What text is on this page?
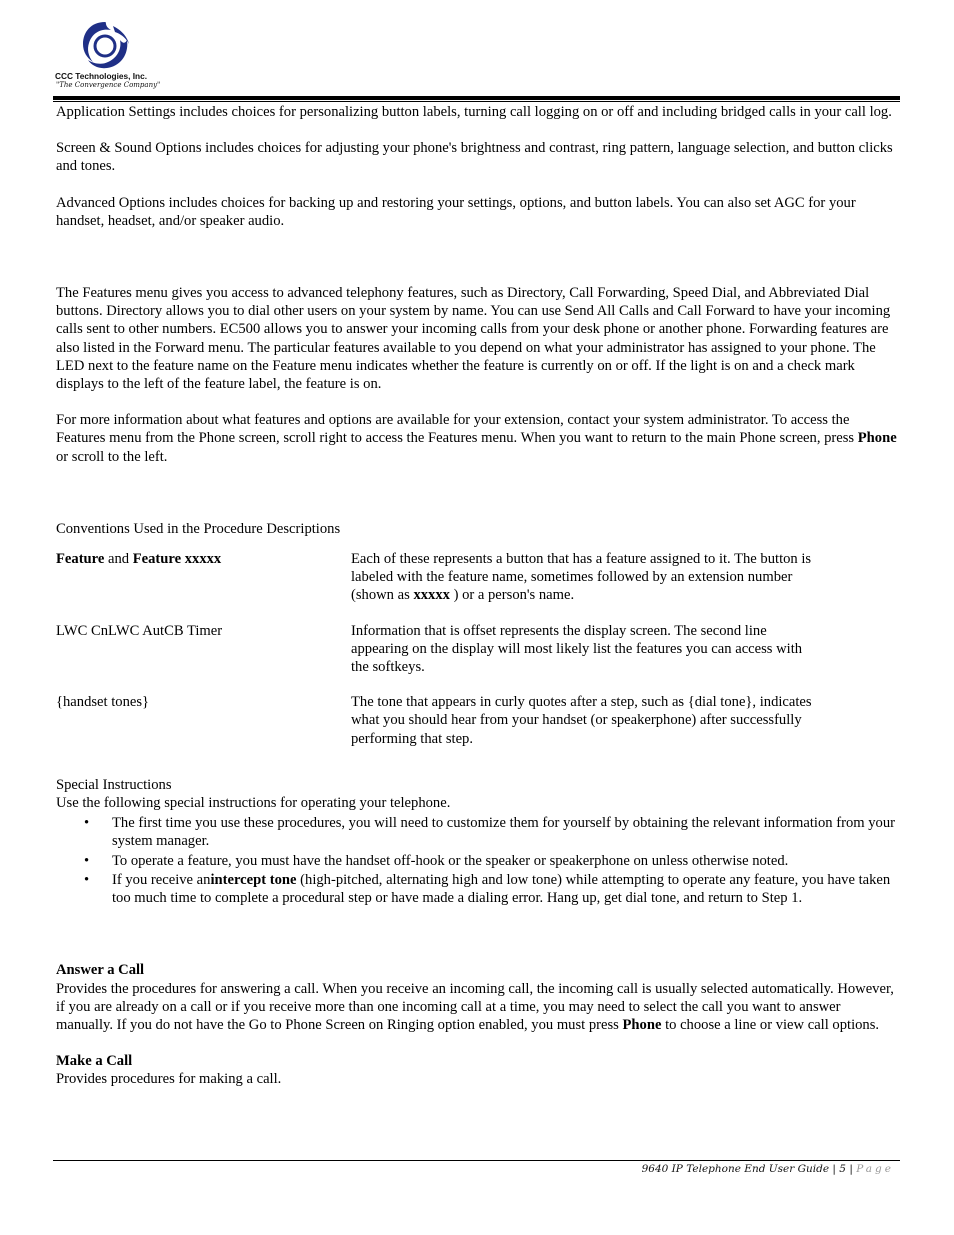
CCC Technologies, Inc.
"The Convergence Company"

Application Settings includes choices for personalizing button labels, turning call logging on or off and including bridged calls in your call log.

Screen & Sound Options includes choices for adjusting your phone's brightness and contrast, ring pattern, language selection, and button clicks and tones.

Advanced Options includes choices for backing up and restoring your settings, options, and button labels. You can also set AGC for your handset, headset, and/or speaker audio.

The Features menu gives you access to advanced telephony features, such as Directory, Call Forwarding, Speed Dial, and Abbreviated Dial buttons. Directory allows you to dial other users on your system by name. You can use Send All Calls and Call Forward to have your incoming calls sent to other numbers. EC500 allows you to answer your incoming calls from your desk phone or another phone. Forwarding features are also listed in the Forward menu. The particular features available to you depend on what your administrator has assigned to your phone. The LED next to the feature name on the Feature menu indicates whether the feature is currently on or off. If the light is on and a check mark displays to the left of the feature label, the feature is on.

For more information about what features and options are available for your extension, contact your system administrator. To access the Features menu from the Phone screen, scroll right to access the Features menu. When you want to return to the main Phone screen, press Phone or scroll to the left.

Conventions Used in the Procedure Descriptions

Feature and Feature xxxxx	Each of these represents a button that has a feature assigned to it. The button is labeled with the feature name, sometimes followed by an extension number (shown as xxxxx ) or a person's name.
LWC CnLWC AutCB Timer	Information that is offset represents the display screen. The second line appearing on the display will most likely list the features you can access with the softkeys.
{handset tones}	The tone that appears in curly quotes after a step, such as {dial tone}, indicates what you should hear from your handset (or speakerphone) after successfully performing that step.

Special Instructions

Use the following special instructions for operating your telephone.

• The first time you use these procedures, you will need to customize them for yourself by obtaining the relevant information from your system manager.
• To operate a feature, you must have the handset off-hook or the speaker or speakerphone on unless otherwise noted.
• If you receive anintercept tone (high-pitched, alternating high and low tone) while attempting to operate any feature, you have taken too much time to complete a procedural step or have made a dialing error. Hang up, get dial tone, and return to Step 1.

Answer a Call

Provides the procedures for answering a call. When you receive an incoming call, the incoming call is usually selected automatically. However, if you are already on a call or if you receive more than one incoming call at a time, you may need to select the call you want to answer manually. If you do not have the Go to Phone Screen on Ringing option enabled, you must press Phone to choose a line or view call options.

Make a Call

Provides procedures for making a call.

9640 IP Telephone End User Guide | 5 | Page
